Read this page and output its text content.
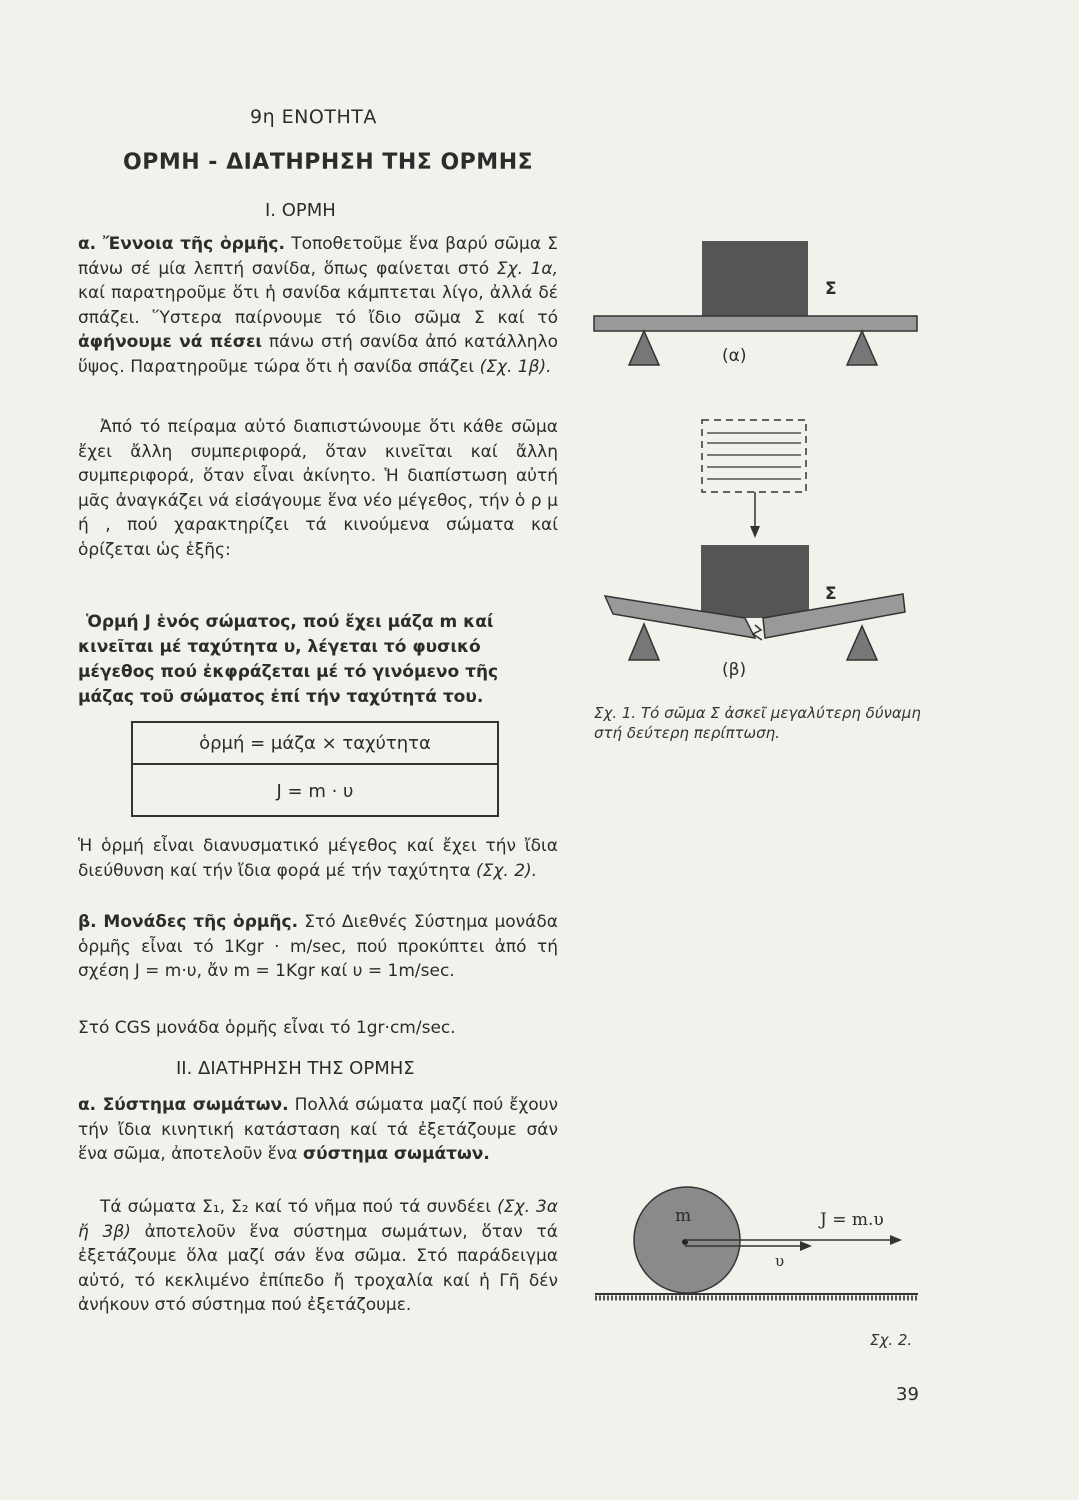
9η ΕΝΟΤΗΤΑ
ΟΡΜΗ - ΔΙΑΤΗΡΗΣΗ ΤΗΣ ΟΡΜΗΣ
Ι. ΟΡΜΗ
α. Ἔννοια τῆς ὁρμῆς. Τοποθετοῦμε ἕνα βαρύ σῶμα Σ πάνω σέ μία λεπτή σανίδα, ὅπως φαίνεται στό Σχ. 1α, καί παρατηροῦμε ὅτι ἡ σανίδα κάμπτεται λίγο, ἀλλά δέ σπάζει. Ὕστερα παίρνουμε τό ἴδιο σῶμα Σ καί τό ἀφήνουμε νά πέσει πάνω στή σανίδα ἀπό κατάλληλο ὕψος. Παρατηροῦμε τώρα ὅτι ἡ σανίδα σπάζει (Σχ. 1β).
Ἀπό τό πείραμα αὐτό διαπιστώνουμε ὅτι κάθε σῶμα ἔχει ἄλλη συμπεριφορά, ὅταν κινεῖται καί ἄλλη συμπεριφορά, ὅταν εἶναι ἀκίνητο. Ἡ διαπίστωση αὐτή μᾶς ἀναγκάζει νά εἰσάγουμε ἕνα νέο μέγεθος, τήν ὁ ρ μ ή , πού χαρακτηρίζει τά κινούμενα σώματα καί ὁρίζεται ὡς ἑξῆς:
Ὁρμή J ἑνός σώματος, πού ἔχει μάζα m καί κινεῖται μέ ταχύτητα υ, λέγεται τό φυσικό μέγεθος πού ἐκφράζεται μέ τό γινόμενο τῆς μάζας τοῦ σώματος ἐπί τήν ταχύτητά του.
ὁρμή = μάζα × ταχύτητα
J = m · υ
Ἡ ὁρμή εἶναι διανυσματικό μέγεθος καί ἔχει τήν ἴδια διεύθυνση καί τήν ἴδια φορά μέ τήν ταχύτητα (Σχ. 2).
β. Μονάδες τῆς ὁρμῆς. Στό Διεθνές Σύστημα μονάδα ὁρμῆς εἶναι τό 1Kgr · m/sec, πού προκύπτει ἀπό τή σχέση J = m·υ, ἄν m = 1Kgr καί υ = 1m/sec.
Στό CGS μονάδα ὁρμῆς εἶναι τό 1gr·cm/sec.
ΙΙ. ΔΙΑΤΗΡΗΣΗ ΤΗΣ ΟΡΜΗΣ
α. Σύστημα σωμάτων. Πολλά σώματα μαζί πού ἔχουν τήν ἴδια κινητική κατάσταση καί τά ἐξετάζουμε σάν ἕνα σῶμα, ἀποτελοῦν ἕνα σύστημα σωμάτων.
Τά σώματα Σ₁, Σ₂ καί τό νῆμα πού τά συνδέει (Σχ. 3α ἤ 3β) ἀποτελοῦν ἕνα σύστημα σωμάτων, ὅταν τά ἐξετάζουμε ὅλα μαζί σάν ἕνα σῶμα. Στό παράδειγμα αὐτό, τό κεκλιμένο ἐπίπεδο ἤ τροχαλία καί ἡ Γῆ δέν ἀνήκουν στό σύστημα πού ἐξετάζουμε.
Σ
(α)
Σ
(β)
Σχ. 1. Τό σῶμα Σ ἀσκεῖ μεγαλύτερη δύναμη στή δεύτερη περίπτωση.
m	J = m.υ
υ
Σχ. 2.
39
